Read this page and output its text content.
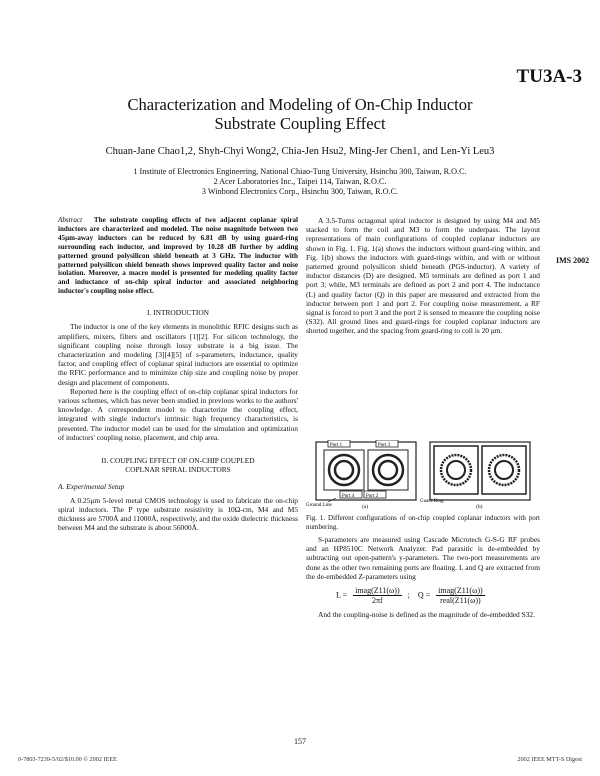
TU3A-3
Characterization and Modeling of On-Chip Inductor
Substrate Coupling Effect
Chuan-Jane Chao1,2, Shyh-Chyi Wong2, Chia-Jen Hsu2, Ming-Jer Chen1, and Len-Yi Leu3
1 Institute of Electronics Engineering, National Chiao-Tung University, Hsinchu 300, Taiwan, R.O.C.
2 Acer Laboratories Inc., Taipei 114, Taiwan, R.O.C.
3 Winbond Electronics Corp., Hsinchu 300, Taiwan, R.O.C.
Abstract The substrate coupling effects of two adjacent coplanar spiral inductors are characterized and modeled. The noise magnitude between two 45μm-away inductors can be reduced by 6.81 dB by using guard-ring surrounding each inductor, and improved by 10.28 dB further by adding patterned ground polysilicon shield beneath at 3 GHz. The inductor with patterned polysilicon shield beneath shows improved quality factor and noise isolation. Moreover, a macro model is presented for modeling quality factor and inductance of on-chip spiral inductor and associated neighboring inductor's coupling noise effect.
I. INTRODUCTION

The inductor is one of the key elements in monolithic RFIC designs such as amplifiers, mixers, filters and oscillators [1][2]. For silicon technology, the significant coupling noise through lossy substrate is a big issue. The characterization and modeling [3][4][5] of s-parameters, inductance, quality factor, and coupling effect of coplanar spiral inductors are essential to optimize the RFIC performance and to minimize chip size and coupling noise by proper design and placement of components.

Reported here is the coupling effect of on-chip coplanar spiral inductors for various schemes, which has never been studied in previous works to the authors' knowledge. A correspondent model to characterize the coupling effect, integrated with single inductor's intrinsic high frequency characteristics, is presented. The inductor model can be used for the simulation and optimization of inductors' coupling noise, placement, and chip area.

II. COUPLING EFFECT OF ON-CHIP COUPLED
COPLNAR SPIRAL INDUCTORS
A. Experimental Setup

A 0.25μm 5-level metal CMOS technology is used to fabricate the on-chip spiral inductors. The P type substrate resistivity is 10Ω-cm, M4 and M5 thickness are 5700Å and 11000Å, respectively, and the oxide dielectric thickness between M4 and the substrate is about 56000Å.

A 3.5-Turns octagonal spiral inductor is designed by using M4 and M5 stacked to form the coil and M3 to form the underpass. The layout representations of main configurations of coupled coplanar inductors are shown in Fig. 1. Fig. 1(a) shows the inductors without guard-ring within, and Fig. 1(b) shows the inductors with guard-rings within, and with or without patterned ground polysilicon shield beneath (PGS-inductor). A variety of inductor distances (D) are designed. M5 terminals are defined as port 1 and port 3; while, M3 terminals are defined as port 2 and port 4. The inductance (L) and quality factor (Q) in this paper are measured and extracted from the inductor between port 1 and port 2. For coupling noise measurement, a RF signal is forced to port 3 and the port 2 is sensed to measure the coupling noise (S32). All ground lines and guard-rings for coupled coplanar inductors are shorted together, and the spacing from guard-ring to coil is 20 μm.

Port 1	Port 3
Port 4 Port 2
Ground Line	(a)	(b)
Guard Ring
Fig. 1. Different configurations of on-chip coupled coplanar inductors with port numbering.

S-parameters are measured using Cascade Microtech G-S-G RF probes and an HP8510C Network Analyzer. Pad parasitic is de-embedded by subtracting out open-pattern's y-parameters. The two-port measurements are done as the other two remaining ports are floating. L and Q are extracted from the de-embedded Z-parameters using

$L = \frac{\text{imag(Z11(ω))}}{2\pi f}$ ; $Q = \frac{\text{imag(Z11(ω))}}{\text{real(Z11(ω))}}$

And the coupling-noise is defined as the magnitude of de-embedded S32.

IMS 2002
157
0-7803-7239-5/02/$10.00 © 2002 IEEE	2002 IEEE MTT-S Digest
